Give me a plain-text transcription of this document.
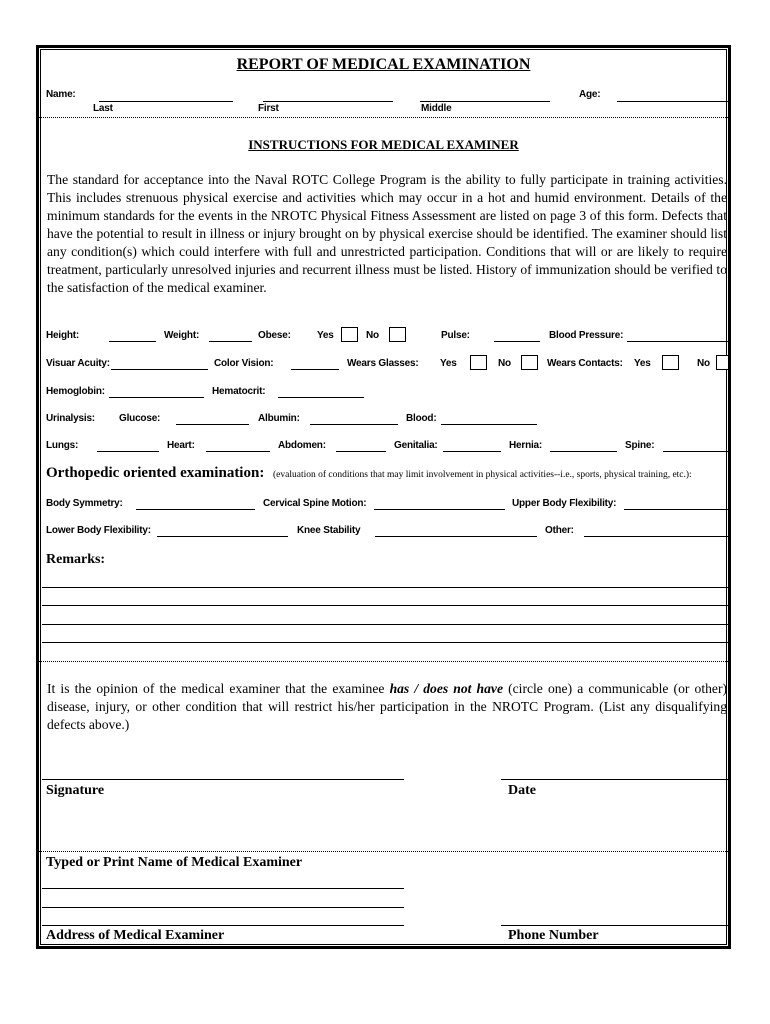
REPORT OF MEDICAL EXAMINATION
Name:	Age:
Last	First	Middle
INSTRUCTIONS FOR MEDICAL EXAMINER
The standard for acceptance into the Naval ROTC College Program is the ability to fully participate in training activities. This includes strenuous physical exercise and activities which may occur in a hot and humid environment. Details of the minimum standards for the events in the NROTC Physical Fitness Assessment are listed on page 3 of this form. Defects that have the potential to result in illness or injury brought on by physical exercise should be identified. The examiner should list any condition(s) which could interfere with full and unrestricted participation. Conditions that will or are likely to require treatment, particularly unresolved injuries and recurrent illness must be listed. History of immunization should be verified to the satisfaction of the medical examiner.
Height:	Weight:	Obese:	Yes	No	Pulse:	Blood Pressure:
Visuar Acuity:	Color Vision:	Wears Glasses: Yes	No	Wears Contacts: Yes	No
Hemoglobin:	Hematocrit:
Urinalysis: Glucose:	Albumin:	Blood:
Lungs:	Heart:	Abdomen:	Genitalia:	Hernia:	Spine:
Orthopedic oriented examination: (evaluation of conditions that may limit involvement in physical activities--i.e., sports, physical training, etc.):
Body Symmetry:	Cervical Spine Motion:	Upper Body Flexibility:
Lower Body Flexibility:	Knee Stability	Other:
Remarks:
It is the opinion of the medical examiner that the examinee has / does not have (circle one) a communicable (or other) disease, injury, or other condition that will restrict his/her participation in the NROTC Program. (List any disqualifying defects above.)
Signature	Date
Typed or Print Name of Medical Examiner
Address of Medical Examiner	Phone Number
